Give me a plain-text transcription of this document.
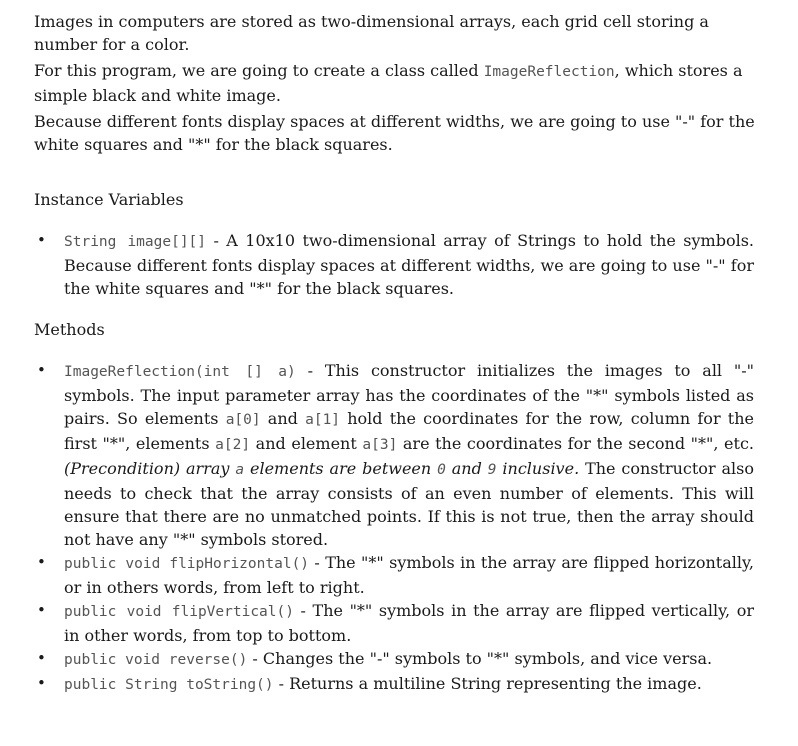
Images in computers are stored as two-dimensional arrays, each grid cell storing a number for a color.

For this program, we are going to create a class called ImageReflection, which stores a simple black and white image.

Because different fonts display spaces at different widths, we are going to use "-" for the white squares and "*" for the black squares.

Instance Variables

• String image[][] - A 10x10 two-dimensional array of Strings to hold the symbols. Because different fonts display spaces at different widths, we are going to use "-" for the white squares and "*" for the black squares.

Methods

• ImageReflection(int [] a) - This constructor initializes the images to all "-" symbols. The input parameter array has the coordinates of the "*" symbols listed as pairs. So elements a[0] and a[1] hold the coordinates for the row, column for the first "*", elements a[2] and element a[3] are the coordinates for the second "*", etc. (Precondition) array a elements are between 0 and 9 inclusive. The constructor also needs to check that the array consists of an even number of elements. This will ensure that there are no unmatched points. If this is not true, then the array should not have any "*" symbols stored.
• public void flipHorizontal() - The "*" symbols in the array are flipped horizontally, or in others words, from left to right.
• public void flipVertical() - The "*" symbols in the array are flipped vertically, or in other words, from top to bottom.
• public void reverse() - Changes the "-" symbols to "*" symbols, and vice versa.
• public String toString() - Returns a multiline String representing the image.
